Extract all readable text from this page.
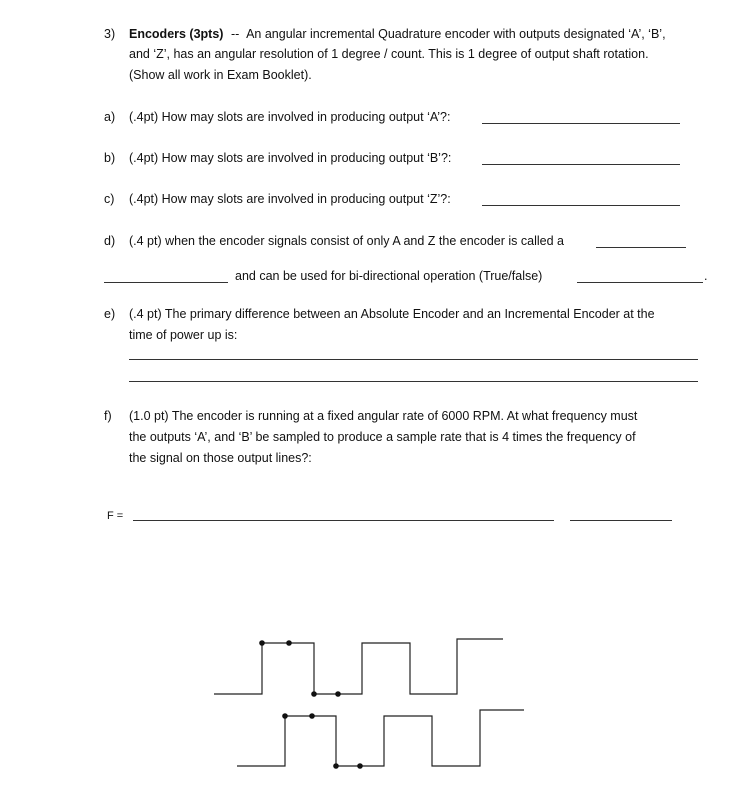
3) Encoders (3pts) -- An angular incremental Quadrature encoder with outputs designated ‘A’, ‘B’,
and ‘Z’, has an angular resolution of 1 degree / count. This is 1 degree of output shaft rotation.
(Show all work in Exam Booklet).
a) (.4pt) How may slots are involved in producing output ‘A’?:
b) (.4pt) How may slots are involved in producing output ‘B’?:
c) (.4pt) How may slots are involved in producing output ‘Z’?:
d) (.4 pt) when the encoder signals consist of only A and Z the encoder is called a
and can be used for bi-directional operation (True/false)	.
e) (.4 pt) The primary difference between an Absolute Encoder and an Incremental Encoder at the
time of power up is:
f) (1.0 pt) The encoder is running at a fixed angular rate of 6000 RPM. At what frequency must
the outputs ‘A’, and ‘B’ be sampled to produce a sample rate that is 4 times the frequency of
the signal on those output lines?:
F =
